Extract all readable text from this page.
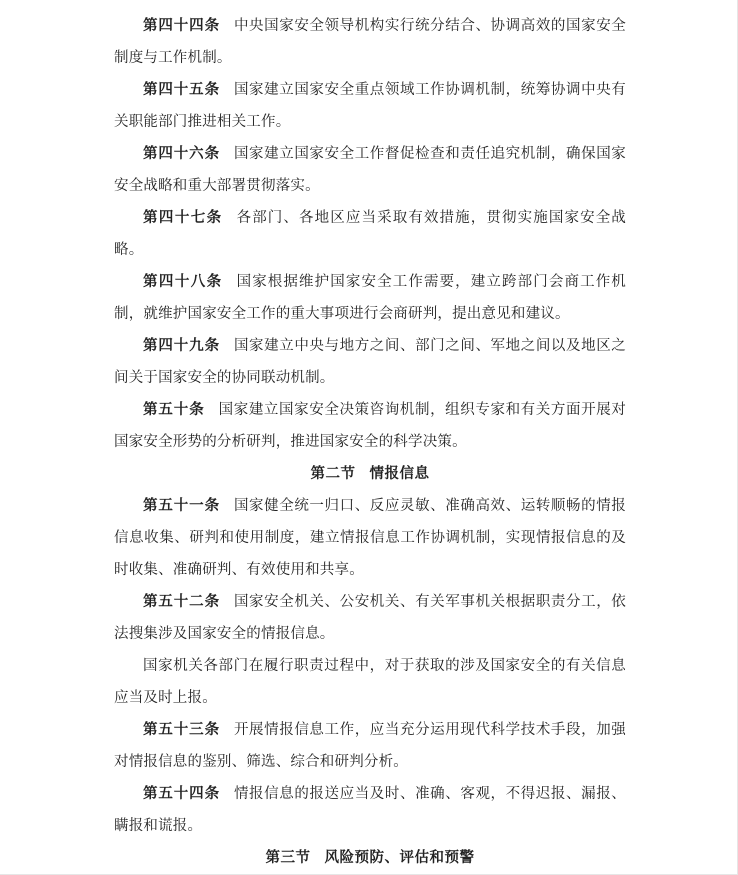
第四十四条 中央国家安全领导机构实行统分结合、协调高效的国家安全制度与工作机制。

第四十五条 国家建立国家安全重点领域工作协调机制，统筹协调中央有关职能部门推进相关工作。

第四十六条 国家建立国家安全工作督促检查和责任追究机制，确保国家安全战略和重大部署贯彻落实。

第四十七条 各部门、各地区应当采取有效措施，贯彻实施国家安全战略。

第四十八条 国家根据维护国家安全工作需要，建立跨部门会商工作机制，就维护国家安全工作的重大事项进行会商研判，提出意见和建议。

第四十九条 国家建立中央与地方之间、部门之间、军地之间以及地区之间关于国家安全的协同联动机制。

第五十条 国家建立国家安全决策咨询机制，组织专家和有关方面开展对国家安全形势的分析研判，推进国家安全的科学决策。

第二节 情报信息

第五十一条 国家健全统一归口、反应灵敏、准确高效、运转顺畅的情报信息收集、研判和使用制度，建立情报信息工作协调机制，实现情报信息的及时收集、准确研判、有效使用和共享。

第五十二条 国家安全机关、公安机关、有关军事机关根据职责分工，依法搜集涉及国家安全的情报信息。

国家机关各部门在履行职责过程中，对于获取的涉及国家安全的有关信息应当及时上报。

第五十三条 开展情报信息工作，应当充分运用现代科学技术手段，加强对情报信息的鉴别、筛选、综合和研判分析。

第五十四条 情报信息的报送应当及时、准确、客观，不得迟报、漏报、瞒报和谎报。

第三节 风险预防、评估和预警
